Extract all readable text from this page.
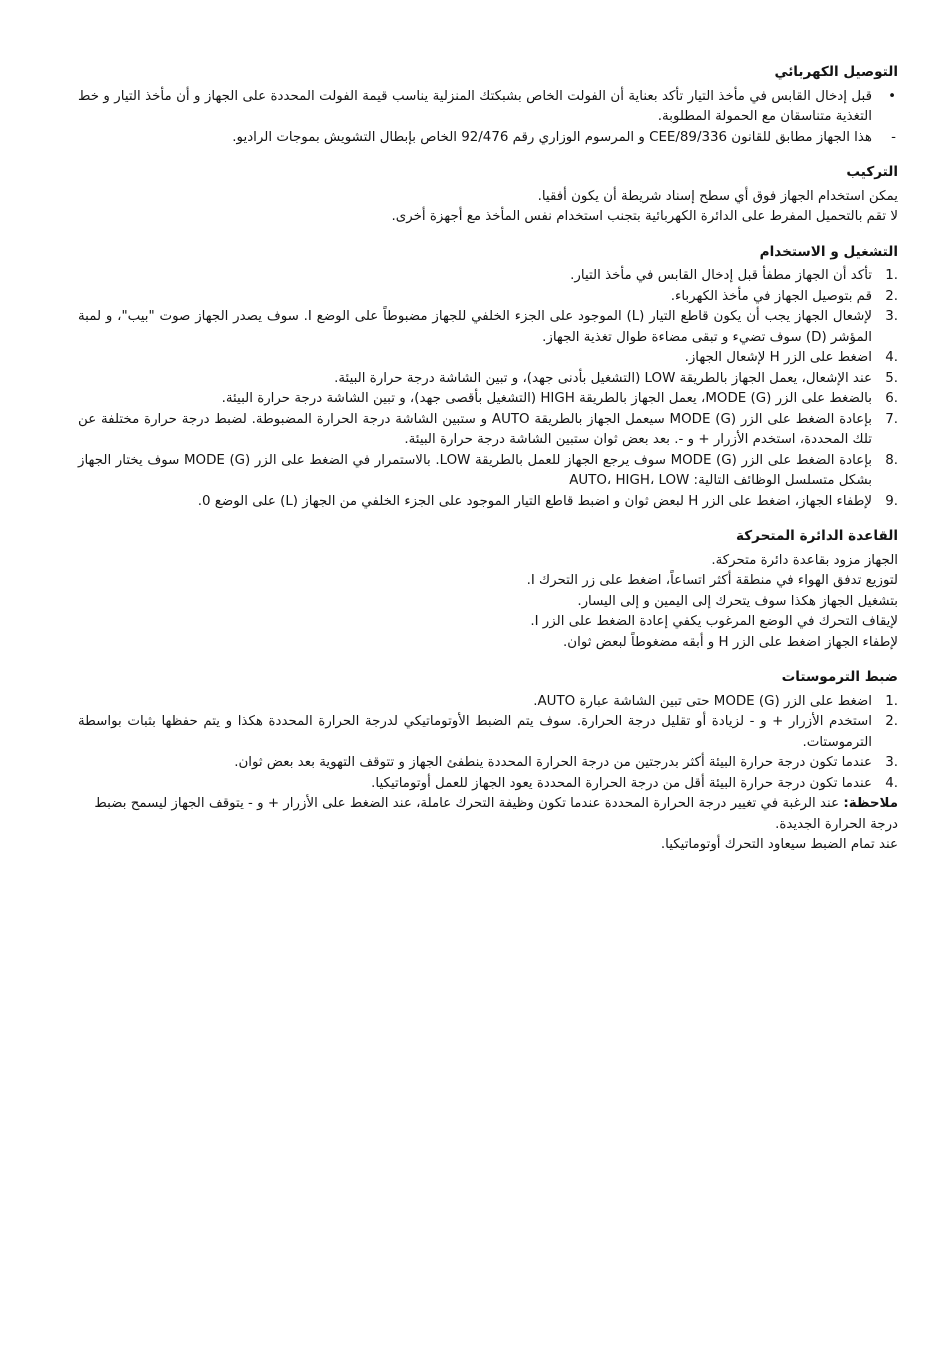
التوصيل الكهربائي
•
قبل إدخال القابس في مأخذ التيار تأكد بعناية أن الفولت الخاص بشبكتك المنزلية يناسب قيمة الفولت المحددة على الجهاز و أن مأخذ التيار و خط التغذية متناسقان مع الحمولة المطلوبة.
-
هذا الجهاز مطابق للقانون 89/336/CEE و المرسوم الوزاري رقم 92/476 الخاص بإبطال التشويش بموجات الراديو.
التركيب

يمكن استخدام الجهاز فوق أي سطح إسناد شريطة أن يكون أفقيا.

لا تقم بالتحميل المفرط على الدائرة الكهربائية بتجنب استخدام نفس المأخذ مع أجهزة أخرى.

التشغيل و الاستخدام
1.
تأكد أن الجهاز مطفأ قبل إدخال القابس في مأخذ التيار.
2.
قم بتوصيل الجهاز في مأخذ الكهرباء.
3.
لإشعال الجهاز يجب أن يكون قاطع التيار (L) الموجود على الجزء الخلفي للجهاز مضبوطاً على الوضع I. سوف يصدر الجهاز صوت "بيب"، و لمبة المؤشر (D) سوف تضيء و تبقى مضاءة طوال تغذية الجهاز.
4.
اضغط على الزر H لإشعال الجهاز.
5.
عند الإشعال، يعمل الجهاز بالطريقة LOW (التشغيل بأدنى جهد)، و تبين الشاشة درجة حرارة البيئة.
6.
بالضغط على الزر MODE (G)، يعمل الجهاز بالطريقة HIGH (التشغيل بأقصى جهد)، و تبين الشاشة درجة حرارة البيئة.
7.
بإعادة الضغط على الزر MODE (G) سيعمل الجهاز بالطريقة AUTO و ستبين الشاشة درجة الحرارة المضبوطة. لضبط درجة حرارة مختلفة عن تلك المحددة، استخدم الأزرار + و -. بعد بعض ثوان ستبين الشاشة درجة حرارة البيئة.
8.
بإعادة الضغط على الزر MODE (G) سوف يرجع الجهاز للعمل بالطريقة LOW. بالاستمرار في الضغط على الزر MODE (G) سوف يختار الجهاز بشكل متسلسل الوظائف التالية: AUTO، HIGH، LOW
9.
لإطفاء الجهاز، اضغط على الزر H لبعض ثوان و اضبط قاطع التيار الموجود على الجزء الخلفي من الجهاز (L) على الوضع 0.
القاعدة الدائرة المتحركة

الجهاز مزود بقاعدة دائرة متحركة.

لتوزيع تدفق الهواء في منطقة أكثر اتساعاً، اضغط على زر التحرك I.

بتشغيل الجهاز هكذا سوف يتحرك إلى اليمين و إلى اليسار.

لإيقاف التحرك في الوضع المرغوب يكفي إعادة الضغط على الزر I.

لإطفاء الجهاز اضغط على الزر H و أبقه مضغوطاً لبعض ثوان.

ضبط الترموستات
1.
اضغط على الزر MODE (G) حتى تبين الشاشة عبارة AUTO.
2.
استخدم الأزرار + و - لزيادة أو تقليل درجة الحرارة. سوف يتم الضبط الأوتوماتيكي لدرجة الحرارة المحددة هكذا و يتم حفظها بثبات بواسطة الترموستات.
3.
عندما تكون درجة حرارة البيئة أكثر بدرجتين من درجة الحرارة المحددة ينطفئ الجهاز و تتوقف التهوية بعد بعض ثوان.
4.
عندما تكون درجة حرارة البيئة أقل من درجة الحرارة المحددة يعود الجهاز للعمل أوتوماتيكيا.

ملاحظة: عند الرغبة في تغيير درجة الحرارة المحددة عندما تكون وظيفة التحرك عاملة، عند الضغط على الأزرار + و - يتوقف الجهاز ليسمح بضبط درجة الحرارة الجديدة.

عند تمام الضبط سيعاود التحرك أوتوماتيكيا.
